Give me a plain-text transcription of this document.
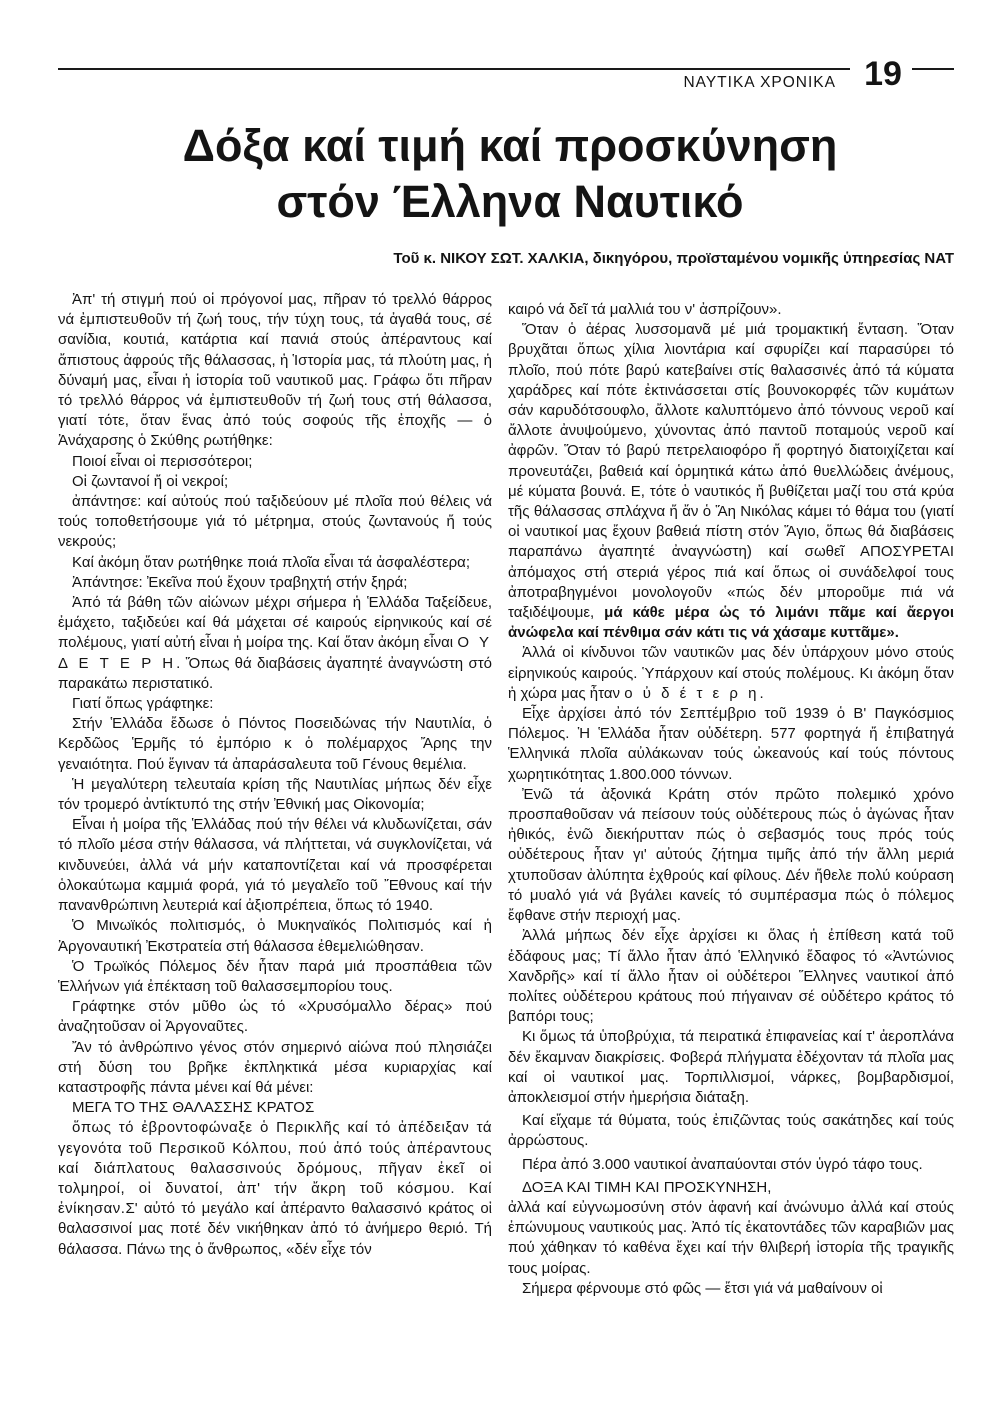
ΝΑΥΤΙΚΑ ΧΡΟΝΙΚΑ 19
Δόξα καί τιμή καί προσκύνηση
στόν Έλληνα Ναυτικό
Τοῦ κ. ΝΙΚΟΥ ΣΩΤ. ΧΑΛΚΙΑ, δικηγόρου, προϊσταμένου νομικῆς ὑπηρεσίας ΝΑΤ

Ἀπ' τή στιγμή πού οἱ πρόγονοί μας, πῆραν τό τρελλό θάρρος νά ἐμπιστευθοῦν τή ζωή τους, τήν τύχη τους, τά ἀγαθά τους, σέ σανίδια, κουτιά, κατάρτια καί πανιά στούς ἀπέραντους καί ἄπιστους ἀφρούς τῆς θάλασσας, ἡ Ἱστορία μας, τά πλούτη μας, ἡ δύναμή μας, εἶναι ἡ ἱστορία τοῦ ναυτικοῦ μας. Γράφω ὅτι πῆραν τό τρελλό θάρρος νά ἐμπιστευθοῦν τή ζωή τους στή θάλασσα, γιατί τότε, ὅταν ἕνας ἀπό τούς σοφούς τῆς ἐποχῆς — ὁ Ἀνάχαρσης ὁ Σκύθης ρωτήθηκε:

Ποιοί εἶναι οἱ περισσότεροι;

Οἱ ζωντανοί ἤ οἱ νεκροί;

ἀπάντησε: καί αὐτούς πού ταξιδεύουν μέ πλοῖα πού θέλεις νά τούς τοποθετήσουμε γιά τό μέτρημα, στούς ζωντανούς ἤ τούς νεκρούς;

Καί ἀκόμη ὅταν ρωτήθηκε ποιά πλοῖα εἶναι τά ἀσφαλέστερα;

Ἀπάντησε: Ἐκεῖνα πού ἔχουν τραβηχτή στήν ξηρά;

Ἀπό τά βάθη τῶν αἰώνων μέχρι σήμερα ἡ Ἑλλάδα Ταξείδευε, ἐμάχετο, ταξιδεύει καί θά μάχεται σέ καιρούς εἰρηνικούς καί σέ πολέμους, γιατί αὐτή εἶναι ἡ μοίρα της. Καί ὅταν ἀκόμη εἶναι Ο Υ Δ Ε Τ Ε Ρ Η. Ὅπως θά διαβάσεις ἀγαπητέ ἀναγνώστη στό παρακάτω περιστατικό.

Γιατί ὅπως γράφτηκε:

Στήν Ἑλλάδα ἔδωσε ὁ Πόντος Ποσειδώνας τήν Ναυτιλία, ὁ Κερδῶος Ἑρμῆς τό ἐμπόριο κ ὁ πολέμαρχος Ἄρης την γεναιότητα. Πού ἔγιναν τά ἀπαράσαλευτα τοῦ Γένους θεμέλια.

Ἡ μεγαλύτερη τελευταία κρίση τῆς Ναυτιλίας μήπως δέν εἶχε τόν τρομερό ἀντίκτυπό της στήν Ἐθνική μας Οἰκονομία;

Εἶναι ἡ μοίρα τῆς Ἑλλάδας πού τήν θέλει νά κλυδωνίζεται, σάν τό πλοῖο μέσα στήν θάλασσα, νά πλήττεται, νά συγκλονίζεται, νά κινδυνεύει, ἀλλά νά μήν καταποντίζεται καί νά προσφέρεται ὁλοκαύτωμα καμμιά φορά, γιά τό μεγαλεῖο τοῦ Ἔθνους καί τήν πανανθρώπινη λευτεριά καί ἀξιοπρέπεια, ὅπως τό 1940.

Ὁ Μινωϊκός πολιτισμός, ὁ Μυκηναϊκός Πολιτισμός καί ἡ Ἀργοναυτική Ἐκστρατεία στή θάλασσα ἐθεμελιώθησαν.

Ὁ Τρωϊκός Πόλεμος δέν ἦταν παρά μιά προσπάθεια τῶν Ἑλλήνων γιά ἐπέκταση τοῦ θαλασσεμπορίου τους.

Γράφτηκε στόν μῦθο ὡς τό «Χρυσόμαλλο δέρας» πού ἀναζητοῦσαν οἱ Ἀργοναῦτες.

Ἄν τό ἀνθρώπινο γένος στόν σημερινό αἰώνα πού πλησιάζει στή δύση του βρῆκε ἐκπληκτικά μέσα κυριαρχίας καί καταστροφῆς πάντα μένει καί θά μένει:

ΜΕΓΑ ΤΟ ΤΗΣ ΘΑΛΑΣΣΗΣ ΚΡΑΤΟΣ

ὅπως τό ἐβροντοφώναξε ὁ Περικλῆς καί τό ἀπέδειξαν τά γεγονότα τοῦ Περσικοῦ Κόλπου, πού ἀπό τούς ἀπέραντους καί διάπλατους θαλασσινούς δρόμους, πῆγαν ἐκεῖ οἱ τολμηροί, οἱ δυνατοί, ἀπ' τήν ἄκρη τοῦ κόσμου. Καί ἐνίκησαν.Σ' αὐτό τό μεγάλο καί ἀπέραντο θαλασσινό κράτος οἱ θαλασσινοί μας ποτέ δέν νικήθηκαν ἀπό τό ἀνήμερο θεριό. Τή θάλασσα. Πάνω της ὁ ἄνθρωπος, «δέν εἶχε τόν

καιρό νά δεῖ τά μαλλιά του ν' ἀσπρίζουν».

Ὅταν ὁ ἀέρας λυσσομανᾶ μέ μιά τρομακτική ἔνταση. Ὅταν βρυχᾶται ὅπως χίλια λιοντάρια καί σφυρίζει καί παρασύρει τό πλοῖο, πού πότε βαρύ κατεβαίνει στίς θαλασσινές ἀπό τά κύματα χαράδρες καί πότε ἐκτινάσσεται στίς βουνοκορφές τῶν κυμάτων σάν καρυδότσουφλο, ἄλλοτε καλυπτόμενο ἀπό τόννους νεροῦ καί ἄλλοτε ἀνυψούμενο, χύνοντας ἀπό παντοῦ ποταμούς νεροῦ καί ἀφρῶν. Ὅταν τό βαρύ πετρελαιοφόρο ἤ φορτηγό διατοιχίζεται καί προνευτάζει, βαθειά καί ὁρμητικά κάτω ἀπό θυελλώδεις ἀνέμους, μέ κύματα βουνά. Ε, τότε ὁ ναυτικός ἤ βυθίζεται μαζί του στά κρύα τῆς θάλασσας σπλάχνα ἤ ἄν ὁ Ἅη Νικόλας κάμει τό θάμα του (γιατί οἱ ναυτικοί μας ἔχουν βαθειά πίστη στόν Ἅγιο, ὅπως θά διαβάσεις παραπάνω ἀγαπητέ ἀναγνώστη) καί σωθεῖ ΑΠΟΣΥΡΕΤΑΙ ἀπόμαχος στή στεριά γέρος πιά καί ὅπως οἱ συνάδελφοί τους ἀποτραβηγμένοι μονολογοῦν «πώς δέν μποροῦμε πιά νά ταξιδέψουμε, μά κάθε μέρα ὡς τό λιμάνι πᾶμε καί ἄεργοι ἀνώφελα καί πένθιμα σάν κάτι τις νά χάσαμε κυττᾶμε».

Ἀλλά οἱ κίνδυνοι τῶν ναυτικῶν μας δέν ὑπάρχουν μόνο στούς εἰρηνικούς καιρούς. Ὑπάρχουν καί στούς πολέμους. Κι ἀκόμη ὅταν ἡ χώρα μας ἦταν ο ὐ δ έ τ ε ρ η.

Εἶχε ἀρχίσει ἀπό τόν Σεπτέμβριο τοῦ 1939 ὁ Β' Παγκόσμιος Πόλεμος. Ἡ Ἑλλάδα ἦταν οὐδέτερη. 577 φορτηγά ἤ ἐπιβατηγά Ἑλληνικά πλοῖα αὐλάκωναν τούς ὠκεανούς καί τούς πόντους χωρητικότητας 1.800.000 τόννων.

Ἐνῶ τά ἀξονικά Κράτη στόν πρῶτο πολεμικό χρόνο προσπαθοῦσαν νά πείσουν τούς οὐδέτερους πώς ὁ ἀγώνας ἦταν ἠθικός, ἐνῶ διεκήρυτταν πώς ὁ σεβασμός τους πρός τούς οὐδέτερους ἦταν γι' αὐτούς ζήτημα τιμῆς ἀπό τήν ἄλλη μεριά χτυποῦσαν ἀλύπητα ἐχθρούς καί φίλους. Δέν ἤθελε πολύ κούραση τό μυαλό γιά νά βγάλει κανείς τό συμπέρασμα πώς ὁ πόλεμος ἔφθανε στήν περιοχή μας.

Ἀλλά μήπως δέν εἶχε ἀρχίσει κι ὅλας ἡ ἐπίθεση κατά τοῦ ἐδάφους μας; Τί ἄλλο ἦταν ἀπό Ἑλληνικό ἔδαφος τό «Ἀντώνιος Χανδρῆς» καί τί ἄλλο ἦταν οἱ οὐδέτεροι Ἕλληνες ναυτικοί ἀπό πολίτες οὐδέτερου κράτους πού πήγαιναν σέ οὐδέτερο κράτος τό βαπόρι τους;

Κι ὅμως τά ὑποβρύχια, τά πειρατικά ἐπιφανείας καί τ' ἀεροπλάνα δέν ἔκαμναν διακρίσεις. Φοβερά πλήγματα ἐδέχονταν τά πλοῖα μας καί οἱ ναυτικοί μας. Τορπιλλισμοί, νάρκες, βομβαρδισμοί, ἀποκλεισμοί στήν ἡμερήσια διάταξη.

Καί εἴχαμε τά θύματα, τούς ἐπιζῶντας τούς σακάτηδες καί τούς ἀρρώστους.

Πέρα ἀπό 3.000 ναυτικοί ἀναπαύονται στόν ὑγρό τάφο τους.

ΔΟΞΑ ΚΑΙ ΤΙΜΗ ΚΑΙ ΠΡΟΣΚΥΝΗΣΗ,

ἀλλά καί εὐγνωμοσύνη στόν ἀφανή καί ἀνώνυμο ἀλλά καί στούς ἐπώνυμους ναυτικούς μας. Ἀπό τίς ἑκατοντάδες τῶν καραβιῶν μας πού χάθηκαν τό καθένα ἔχει καί τήν θλιβερή ἱστορία τῆς τραγικῆς τους μοίρας.

Σήμερα φέρνουμε στό φῶς — ἔτσι γιά νά μαθαίνουν οἱ
